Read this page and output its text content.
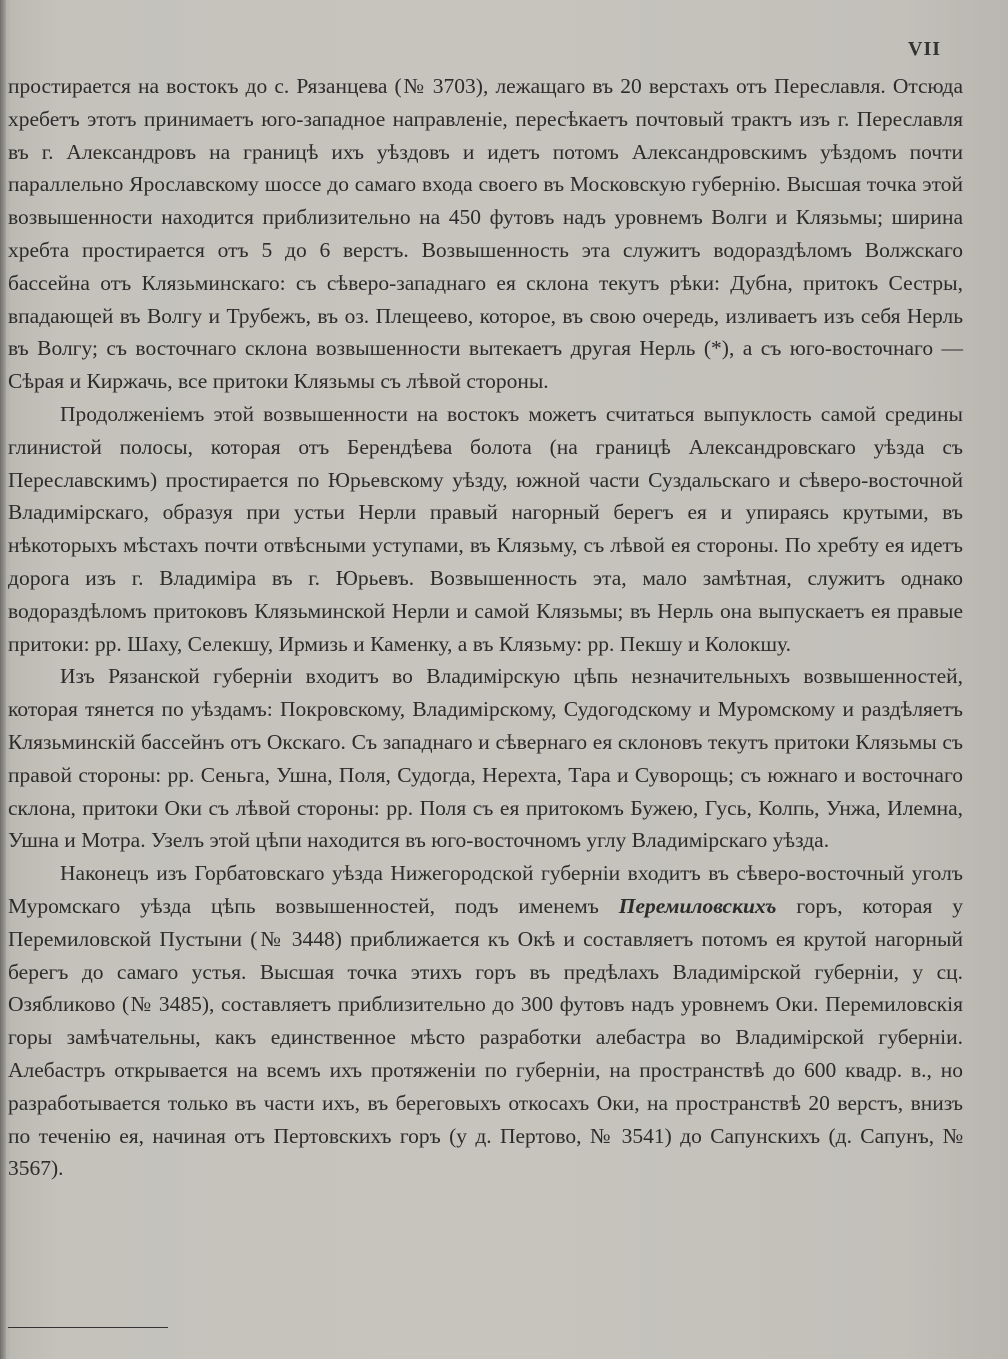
VII

простирается на востокъ до с. Рязанцева (№ 3703), лежащаго въ 20 верстахъ отъ Переславля. Отсюда хребетъ этотъ принимаетъ юго-западное направленіе, пересѣкаетъ почтовый трактъ изъ г. Переславля въ г. Александровъ на границѣ ихъ уѣздовъ и идетъ потомъ Александровскимъ уѣздомъ почти параллельно Ярославскому шоссе до самаго входа своего въ Московскую губернію. Высшая точка этой возвышенности находится приблизительно на 450 футовъ надъ уровнемъ Волги и Клязьмы; ширина хребта простирается отъ 5 до 6 верстъ. Возвышенность эта служитъ водораздѣломъ Волжскаго бассейна отъ Клязьминскаго: съ сѣверо-западнаго ея склона текутъ рѣки: Дубна, притокъ Сестры, впадающей въ Волгу и Трубежъ, въ оз. Плещеево, которое, въ свою очередь, изливаетъ изъ себя Нерль въ Волгу; съ восточнаго склона возвышенности вытекаетъ другая Нерль (*), а съ юго-восточнаго — Сѣрая и Киржачь, все притоки Клязьмы съ лѣвой стороны.

Продолженіемъ этой возвышенности на востокъ можетъ считаться выпуклость самой средины глинистой полосы, которая отъ Берендѣева болота (на границѣ Александровскаго уѣзда съ Переславскимъ) простирается по Юрьевскому уѣзду, южной части Суздальскаго и сѣверо-восточной Владимірскаго, образуя при устьи Нерли правый нагорный берегъ ея и упираясь крутыми, въ нѣкоторыхъ мѣстахъ почти отвѣсными уступами, въ Клязьму, съ лѣвой ея стороны. По хребту ея идетъ дорога изъ г. Владиміра въ г. Юрьевъ. Возвышенность эта, мало замѣтная, служитъ однако водораздѣломъ притоковъ Клязьминской Нерли и самой Клязьмы; въ Нерль она выпускаетъ ея правые притоки: рр. Шаху, Селекшу, Ирмизь и Каменку, а въ Клязьму: рр. Пекшу и Колокшу.

Изъ Рязанской губерніи входитъ во Владимірскую цѣпь незначительныхъ возвышенностей, которая тянется по уѣздамъ: Покровскому, Владимірскому, Судогодскому и Муромскому и раздѣляетъ Клязьминскій бассейнъ отъ Окскаго. Съ западнаго и сѣвернаго ея склоновъ текутъ притоки Клязьмы съ правой стороны: рр. Сеньга, Ушна, Поля, Судогда, Нерехта, Тара и Суворощь; съ южнаго и восточнаго склона, притоки Оки съ лѣвой стороны: рр. Поля съ ея притокомъ Бужею, Гусь, Колпь, Унжа, Илемна, Ушна и Мотра. Узелъ этой цѣпи находится въ юго-восточномъ углу Владимірскаго уѣзда.

Наконецъ изъ Горбатовскаго уѣзда Нижегородской губерніи входитъ въ сѣверо-восточный уголъ Муромскаго уѣзда цѣпь возвышенностей, подъ именемъ Перемиловскихъ горъ, которая у Перемиловской Пустыни (№ 3448) приближается къ Окѣ и составляетъ потомъ ея крутой нагорный берегъ до самаго устья. Высшая точка этихъ горъ въ предѣлахъ Владимірской губерніи, у сц. Озябликово (№ 3485), составляетъ приблизительно до 300 футовъ надъ уровнемъ Оки. Перемиловскія горы замѣчательны, какъ единственное мѣсто разработки алебастра во Владимірской губерніи. Алебастръ открывается на всемъ ихъ протяженіи по губерніи, на пространствѣ до 600 квадр. в., но разработывается только въ части ихъ, въ береговыхъ откосахъ Оки, на пространствѣ 20 верстъ, внизъ по теченію ея, начиная отъ Пертовскихъ горъ (у д. Пертово, № 3541) до Сапунскихъ (д. Сапунъ, № 3567).
